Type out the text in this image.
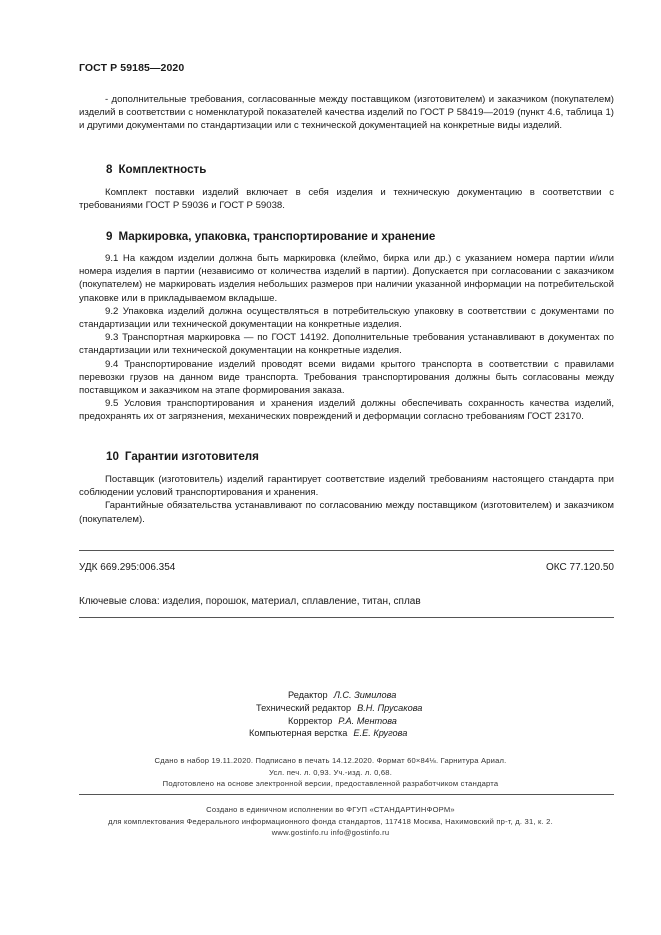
ГОСТ Р 59185—2020

- дополнительные требования, согласованные между поставщиком (изготовителем) и заказчиком (покупателем) изделий в соответствии с номенклатурой показателей качества изделий по ГОСТ Р 58419—2019 (пункт 4.6, таблица 1) и другими документами по стандартизации или с технической документацией на конкретные виды изделий.

8 Комплектность

Комплект поставки изделий включает в себя изделия и техническую документацию в соответствии с требованиями ГОСТ Р 59036 и ГОСТ Р 59038.

9 Маркировка, упаковка, транспортирование и хранение

9.1 На каждом изделии должна быть маркировка (клеймо, бирка или др.) с указанием номера партии и/или номера изделия в партии (независимо от количества изделий в партии). Допускается при согласовании с заказчиком (покупателем) не маркировать изделия небольших размеров при наличии указанной информации на потребительской упаковке или в прикладываемом вкладыше.

9.2 Упаковка изделий должна осуществляться в потребительскую упаковку в соответствии с документами по стандартизации или технической документации на конкретные изделия.

9.3 Транспортная маркировка — по ГОСТ 14192. Дополнительные требования устанавливают в документах по стандартизации или технической документации на конкретные изделия.

9.4 Транспортирование изделий проводят всеми видами крытого транспорта в соответствии с правилами перевозки грузов на данном виде транспорта. Требования транспортирования должны быть согласованы между поставщиком и заказчиком на этапе формирования заказа.

9.5 Условия транспортирования и хранения изделий должны обеспечивать сохранность качества изделий, предохранять их от загрязнения, механических повреждений и деформации согласно требованиям ГОСТ 23170.

10 Гарантии изготовителя

Поставщик (изготовитель) изделий гарантирует соответствие изделий требованиям настоящего стандарта при соблюдении условий транспортирования и хранения.

Гарантийные обязательства устанавливают по согласованию между поставщиком (изготовителем) и заказчиком (покупателем).

УДК 669.295:006.354	ОКС 77.120.50
Ключевые слова: изделия, порошок, материал, сплавление, титан, сплав
Редактор Л.С. Зимилова
Технический редактор В.Н. Прусакова
Корректор Р.А. Ментова
Компьютерная верстка Е.Е. Кругова
Сдано в набор 19.11.2020. Подписано в печать 14.12.2020. Формат 60×84⅛. Гарнитура Ариал.
Усл. печ. л. 0,93. Уч.-изд. л. 0,68.
Подготовлено на основе электронной версии, предоставленной разработчиком стандарта
Создано в единичном исполнении во ФГУП «СТАНДАРТИНФОРМ»
для комплектования Федерального информационного фонда стандартов, 117418 Москва, Нахимовский пр-т, д. 31, к. 2.
www.gostinfo.ru info@gostinfo.ru
